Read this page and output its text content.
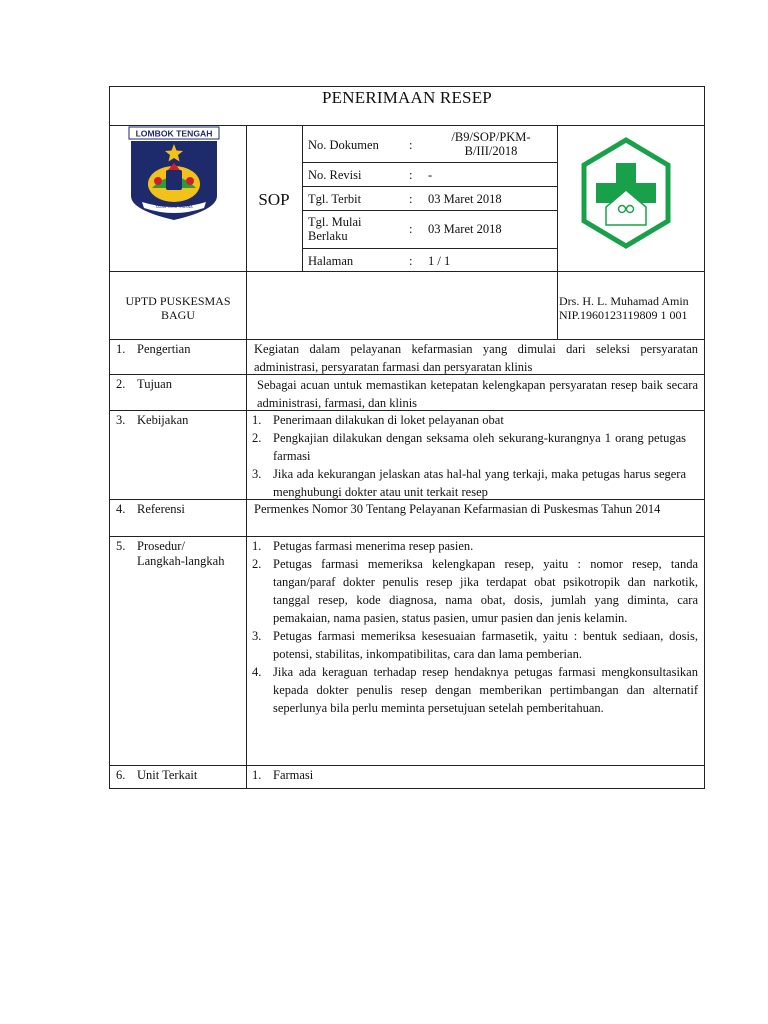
PENERIMAAN RESEP
LOMBOK TENGAH
TATAS TUHU TRASNA	SOP
No. Dokumen :
/B9/SOP/PKM-B/III/2018
No. Revisi	: -
Tgl. Terbit	: 03 Maret 2018
Tgl. Mulai Berlaku	: 03 Maret 2018
Halaman	: 1 / 1
UPTD PUSKESMAS
BAGU
Drs. H. L. Muhamad Amin
NIP.1960123119809 1 001
1. Pengertian	Kegiatan dalam pelayanan kefarmasian yang dimulai dari seleksi persyaratan administrasi, persyaratan farmasi dan persyaratan klinis
2. Tujuan	Sebagai acuan untuk memastikan ketepatan kelengkapan persyaratan resep baik secara administrasi, farmasi, dan klinis
3. Kebijakan	1. Penerimaan dilakukan di loket pelayanan obat
2. Pengkajian dilakukan dengan seksama oleh sekurang-kurangnya 1 orang petugas farmasi
3. Jika ada kekurangan jelaskan atas hal-hal yang terkaji, maka petugas harus segera menghubungi dokter atau unit terkait resep
4. Referensi	Permenkes Nomor 30 Tentang Pelayanan Kefarmasian di Puskesmas Tahun 2014
5. Prosedur/
Langkah-langkah
1. Petugas farmasi menerima resep pasien.
2. Petugas farmasi memeriksa kelengkapan resep, yaitu : nomor resep, tanda tangan/paraf dokter penulis resep jika terdapat obat psikotropik dan narkotik, tanggal resep, kode diagnosa, nama obat, dosis, jumlah yang diminta, cara pemakaian, nama pasien, status pasien, umur pasien dan jenis kelamin.
3. Petugas farmasi memeriksa kesesuaian farmasetik, yaitu : bentuk sediaan, dosis, potensi, stabilitas, inkompatibilitas, cara dan lama pemberian.
4. Jika ada keraguan terhadap resep hendaknya petugas farmasi mengkonsultasikan kepada dokter penulis resep dengan memberikan pertimbangan dan alternatif seperlunya bila perlu meminta persetujuan setelah pemberitahuan.
6. Unit Terkait	1. Farmasi
